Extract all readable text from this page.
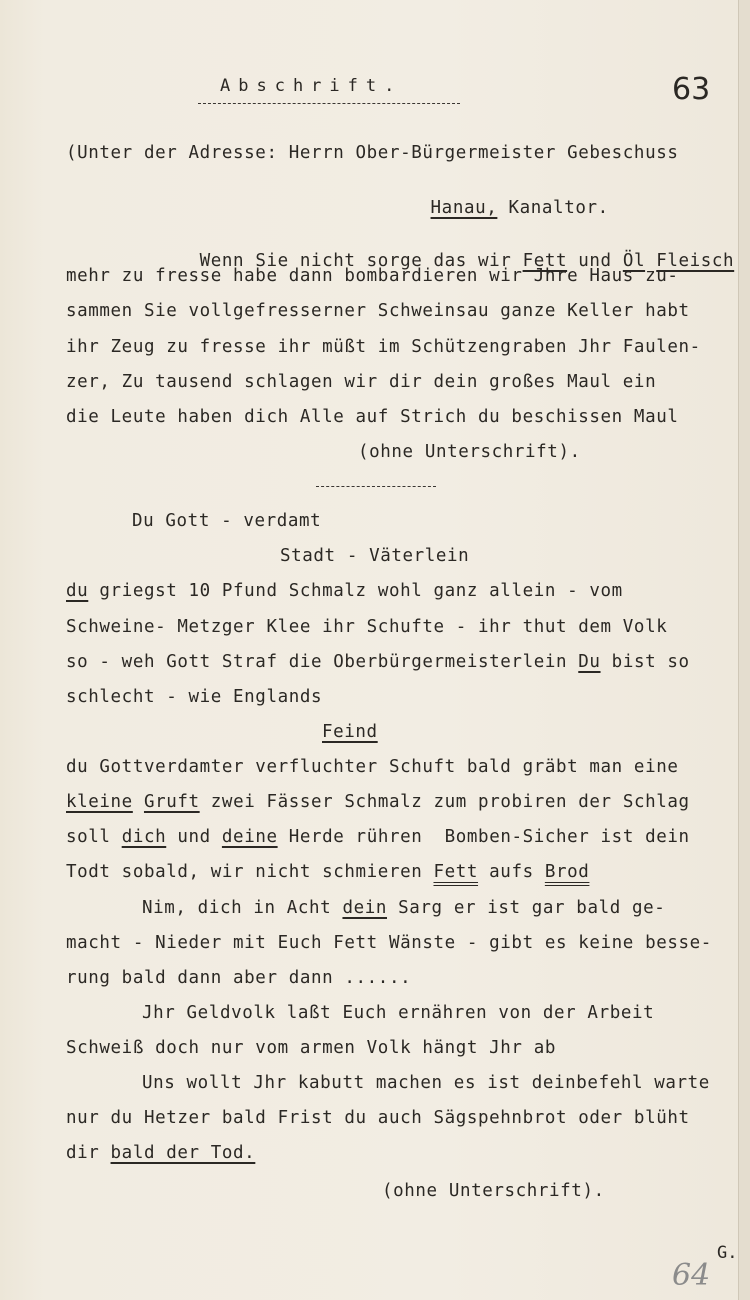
Abschrift.	63
(Unter der Adresse: Herrn Ober-Bürgermeister Gebeschuss

Hanau, Kanaltor.

Wenn Sie nicht sorge das wir Fett und Öl Fleisch

mehr zu fresse habe dann bombardieren wir Jhre Haus zu-
sammen Sie vollgefresserner Schweinsau ganze Keller habt
ihr Zeug zu fresse ihr müßt im Schützengraben Jhr Faulen-
zer, Zu tausend schlagen wir dir dein großes Maul ein
die Leute haben dich Alle auf Strich du beschissen Maul
(ohne Unterschrift).
Du Gott - verdamt
Stadt - Väterlein
du griegst 10 Pfund Schmalz wohl ganz allein - vom
Schweine- Metzger Klee ihr Schufte - ihr thut dem Volk
so - weh Gott Straf die Oberbürgermeisterlein Du bist so
schlecht - wie Englands
Feind
du Gottverdamter verfluchter Schuft bald gräbt man eine
kleine Gruft zwei Fässer Schmalz zum probiren der Schlag
soll dich und deine Herde rühren  Bomben-Sicher ist dein
Todt sobald, wir nicht schmieren Fett aufs Brod
Nim, dich in Acht dein Sarg er ist gar bald ge-
macht - Nieder mit Euch Fett Wänste - gibt es keine besse-
rung bald dann aber dann ......
Jhr Geldvolk laßt Euch ernähren von der Arbeit
Schweiß doch nur vom armen Volk hängt Jhr ab
Uns wollt Jhr kabutt machen es ist deinbefehl warte
nur du Hetzer bald Frist du auch Sägspehnbrot oder blüht
dir bald der Tod.
(ohne Unterschrift).
G.
64
